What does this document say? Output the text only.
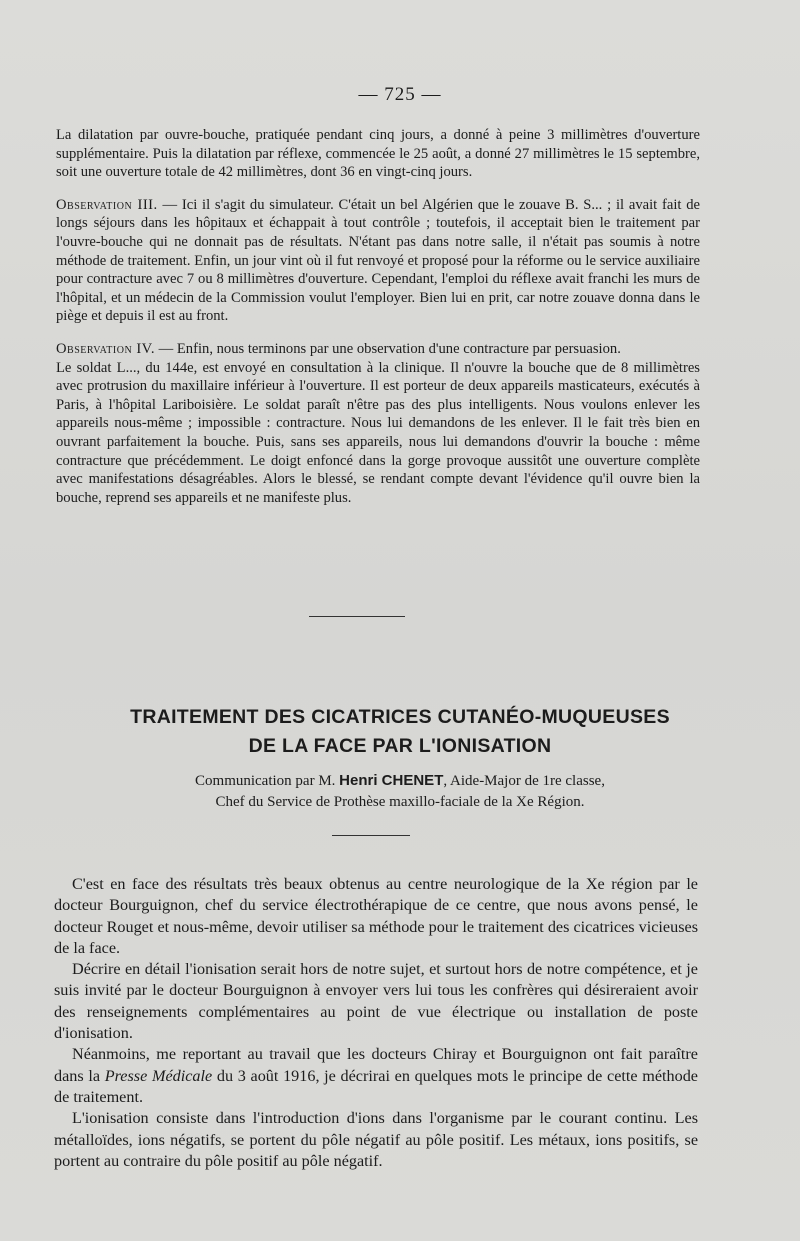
— 725 —

La dilatation par ouvre-bouche, pratiquée pendant cinq jours, a donné à peine 3 millimètres d'ouverture supplémentaire. Puis la dilatation par réflexe, commencée le 25 août, a donné 27 millimètres le 15 septembre, soit une ouverture totale de 42 millimètres, dont 36 en vingt-cinq jours.

Observation III. — Ici il s'agit du simulateur. C'était un bel Algérien que le zouave B. S... ; il avait fait de longs séjours dans les hôpitaux et échappait à tout contrôle ; toutefois, il acceptait bien le traitement par l'ouvre-bouche qui ne donnait pas de résultats. N'étant pas dans notre salle, il n'était pas soumis à notre méthode de traitement. Enfin, un jour vint où il fut renvoyé et proposé pour la réforme ou le service auxiliaire pour contracture avec 7 ou 8 millimètres d'ouverture. Cependant, l'emploi du réflexe avait franchi les murs de l'hôpital, et un médecin de la Commission voulut l'employer. Bien lui en prit, car notre zouave donna dans le piège et depuis il est au front.

Observation IV. — Enfin, nous terminons par une observation d'une contracture par persuasion.

Le soldat L..., du 144e, est envoyé en consultation à la clinique. Il n'ouvre la bouche que de 8 millimètres avec protrusion du maxillaire inférieur à l'ouverture. Il est porteur de deux appareils masticateurs, exécutés à Paris, à l'hôpital Lariboisière. Le soldat paraît n'être pas des plus intelligents. Nous voulons enlever les appareils nous-même ; impossible : contracture. Nous lui demandons de les enlever. Il le fait très bien en ouvrant parfaitement la bouche. Puis, sans ses appareils, nous lui demandons d'ouvrir la bouche : même contracture que précédemment. Le doigt enfoncé dans la gorge provoque aussitôt une ouverture complète avec manifestations désagréables. Alors le blessé, se rendant compte devant l'évidence qu'il ouvre bien la bouche, reprend ses appareils et ne manifeste plus.

TRAITEMENT DES CICATRICES CUTANÉO-MUQUEUSES
DE LA FACE PAR L'IONISATION
Communication par M. Henri CHENET, Aide-Major de 1re classe,
Chef du Service de Prothèse maxillo-faciale de la Xe Région.

C'est en face des résultats très beaux obtenus au centre neurologique de la Xe région par le docteur Bourguignon, chef du service électrothérapique de ce centre, que nous avons pensé, le docteur Rouget et nous-même, devoir utiliser sa méthode pour le traitement des cicatrices vicieuses de la face.

Décrire en détail l'ionisation serait hors de notre sujet, et surtout hors de notre compétence, et je suis invité par le docteur Bourguignon à envoyer vers lui tous les confrères qui désireraient avoir des renseignements complémentaires au point de vue électrique ou installation de poste d'ionisation.

Néanmoins, me reportant au travail que les docteurs Chiray et Bourguignon ont fait paraître dans la Presse Médicale du 3 août 1916, je décrirai en quelques mots le principe de cette méthode de traitement.

L'ionisation consiste dans l'introduction d'ions dans l'organisme par le courant continu. Les métalloïdes, ions négatifs, se portent du pôle négatif au pôle positif. Les métaux, ions positifs, se portent au contraire du pôle positif au pôle négatif.
